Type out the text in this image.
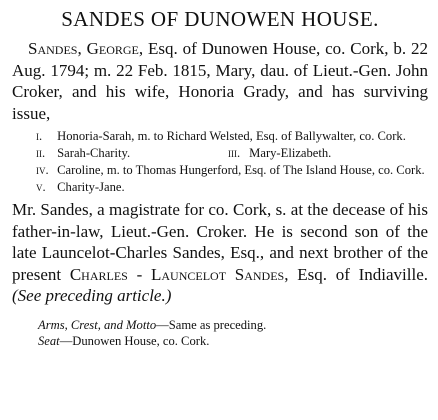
SANDES OF DUNOWEN HOUSE.

Sandes, George, Esq. of Dunowen House, co. Cork, b. 22 Aug. 1794; m. 22 Feb. 1815, Mary, dau. of Lieut.-Gen. John Croker, and his wife, Honoria Grady, and has surviving issue,

i. Honoria-Sarah, m. to Richard Welsted, Esq. of Ballywalter, co. Cork.
ii. Sarah-Charity.	iii. Mary-Elizabeth.
iv. Caroline, m. to Thomas Hungerford, Esq. of The Island House, co. Cork.
v. Charity-Jane.

Mr. Sandes, a magistrate for co. Cork, s. at the decease of his father-in-law, Lieut.-Gen. Croker. He is second son of the late Launcelot-Charles Sandes, Esq., and next brother of the present Charles - Launcelot Sandes, Esq. of Indiaville. (See preceding article.)

Arms, Crest, and Motto—Same as preceding.
Seat—Dunowen House, co. Cork.
